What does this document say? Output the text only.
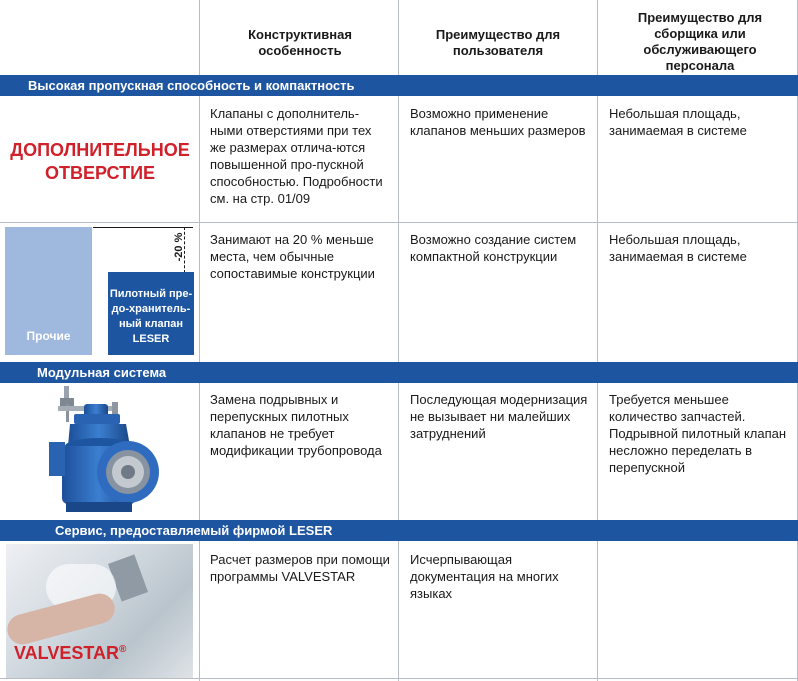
Конструктивная особенность
Преимущество для пользователя
Преимущество для сборщика или обслуживающего персонала
Высокая пропускная способность и компактность
ДОПОЛНИТЕЛЬНОЕ ОТВЕРСТИЕ
Клапаны с дополнитель-ными отверстиями при тех же размерах отлича-ются повышенной про-пускной способностью. Подробности см. на стр. 01/09
Возможно применение клапанов меньших размеров
Небольшая площадь, занимаемая в системе
Прочие
-20 %
Пилотный пре-до-хранитель-ный клапан LESER
Занимают на 20 % меньше места, чем обычные сопоставимые конструкции
Возможно создание систем компактной конструкции
Небольшая площадь, занимаемая в системе
Модульная система
Замена подрывных и перепускных пилотных клапанов не требует модификации трубопровода
Последующая модернизация не вызывает ни малейших затруднений
Требуется меньшее количество запчастей. Подрывной пилотный клапан несложно переделать в перепускной
Сервис, предоставляемый фирмой LESER
VALVESTAR®
Расчет размеров при помощи программы VALVESTAR
Исчерпывающая документация на многих языках
